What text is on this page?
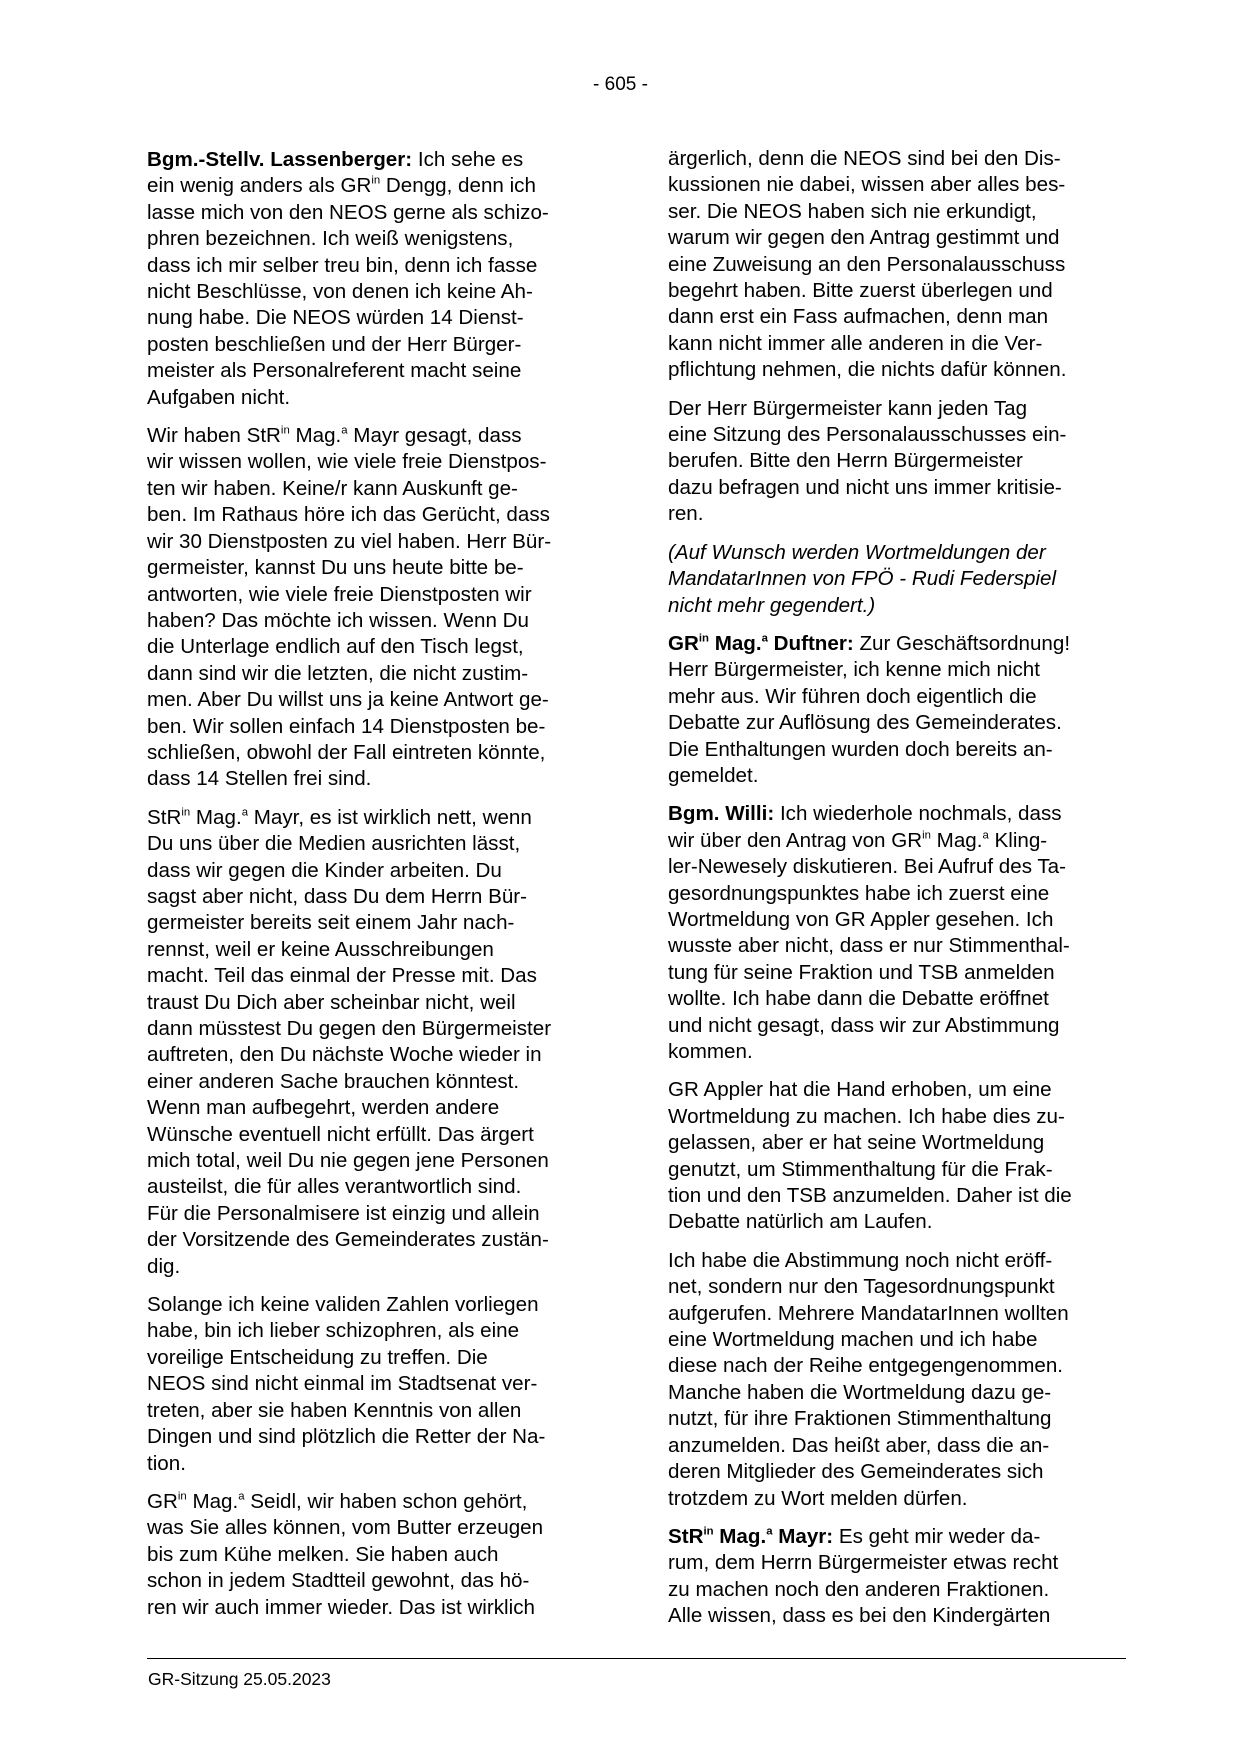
- 605 -

Bgm.-Stellv. Lassenberger: Ich sehe es
ein wenig anders als $GR^{in}$ Dengg, denn ich
lasse mich von den NEOS gerne als schizo-
phren bezeichnen. Ich weiß wenigstens,
dass ich mir selber treu bin, denn ich fasse
nicht Beschlüsse, von denen ich keine Ah-
nung habe. Die NEOS würden 14 Dienst-
posten beschließen und der Herr Bürger-
meister als Personalreferent macht seine
Aufgaben nicht.

Wir haben StR$^{in}$ Mag.$^a$ Mayr gesagt, dass
wir wissen wollen, wie viele freie Dienstpos-
ten wir haben. Keine/r kann Auskunft ge-
ben. Im Rathaus höre ich das Gerücht, dass
wir 30 Dienstposten zu viel haben. Herr Bür-
germeister, kannst Du uns heute bitte be-
antworten, wie viele freie Dienstposten wir
haben? Das möchte ich wissen. Wenn Du
die Unterlage endlich auf den Tisch legst,
dann sind wir die letzten, die nicht zustim-
men. Aber Du willst uns ja keine Antwort ge-
ben. Wir sollen einfach 14 Dienstposten be-
schließen, obwohl der Fall eintreten könnte,
dass 14 Stellen frei sind.

StR$^{in}$ Mag.$^a$ Mayr, es ist wirklich nett, wenn
Du uns über die Medien ausrichten lässt,
dass wir gegen die Kinder arbeiten. Du
sagst aber nicht, dass Du dem Herrn Bür-
germeister bereits seit einem Jahr nach-
rennst, weil er keine Ausschreibungen
macht. Teil das einmal der Presse mit. Das
traust Du Dich aber scheinbar nicht, weil
dann müsstest Du gegen den Bürgermeister
auftreten, den Du nächste Woche wieder in
einer anderen Sache brauchen könntest.
Wenn man aufbegehrt, werden andere
Wünsche eventuell nicht erfüllt. Das ärgert
mich total, weil Du nie gegen jene Personen
austeilst, die für alles verantwortlich sind.
Für die Personalmisere ist einzig und allein
der Vorsitzende des Gemeinderates zustän-
dig.

Solange ich keine validen Zahlen vorliegen
habe, bin ich lieber schizophren, als eine
voreilige Entscheidung zu treffen. Die
NEOS sind nicht einmal im Stadtsenat ver-
treten, aber sie haben Kenntnis von allen
Dingen und sind plötzlich die Retter der Na-
tion.

$GR^{in}$ Mag.$^a$ Seidl, wir haben schon gehört,
was Sie alles können, vom Butter erzeugen
bis zum Kühe melken. Sie haben auch
schon in jedem Stadtteil gewohnt, das hö-
ren wir auch immer wieder. Das ist wirklich

ärgerlich, denn die NEOS sind bei den Dis-
kussionen nie dabei, wissen aber alles bes-
ser. Die NEOS haben sich nie erkundigt,
warum wir gegen den Antrag gestimmt und
eine Zuweisung an den Personalausschuss
begehrt haben. Bitte zuerst überlegen und
dann erst ein Fass aufmachen, denn man
kann nicht immer alle anderen in die Ver-
pflichtung nehmen, die nichts dafür können.

Der Herr Bürgermeister kann jeden Tag
eine Sitzung des Personalausschusses ein-
berufen. Bitte den Herrn Bürgermeister
dazu befragen und nicht uns immer kritisie-
ren.

(Auf Wunsch werden Wortmeldungen der
MandatarInnen von FPÖ - Rudi Federspiel
nicht mehr gegendert.)

$GR^{in}$ Mag.$^a$ Duftner: Zur Geschäftsordnung!
Herr Bürgermeister, ich kenne mich nicht
mehr aus. Wir führen doch eigentlich die
Debatte zur Auflösung des Gemeinderates.
Die Enthaltungen wurden doch bereits an-
gemeldet.

Bgm. Willi: Ich wiederhole nochmals, dass
wir über den Antrag von $GR^{in}$ Mag.$^a$ Kling-
ler-Newesely diskutieren. Bei Aufruf des Ta-
gesordnungspunktes habe ich zuerst eine
Wortmeldung von GR Appler gesehen. Ich
wusste aber nicht, dass er nur Stimmenthal-
tung für seine Fraktion und TSB anmelden
wollte. Ich habe dann die Debatte eröffnet
und nicht gesagt, dass wir zur Abstimmung
kommen.

GR Appler hat die Hand erhoben, um eine
Wortmeldung zu machen. Ich habe dies zu-
gelassen, aber er hat seine Wortmeldung
genutzt, um Stimmenthaltung für die Frak-
tion und den TSB anzumelden. Daher ist die
Debatte natürlich am Laufen.

Ich habe die Abstimmung noch nicht eröff-
net, sondern nur den Tagesordnungspunkt
aufgerufen. Mehrere MandatarInnen wollten
eine Wortmeldung machen und ich habe
diese nach der Reihe entgegengenommen.
Manche haben die Wortmeldung dazu ge-
nutzt, für ihre Fraktionen Stimmenthaltung
anzumelden. Das heißt aber, dass die an-
deren Mitglieder des Gemeinderates sich
trotzdem zu Wort melden dürfen.

StR$^{in}$ Mag.$^a$ Mayr: Es geht mir weder da-
rum, dem Herrn Bürgermeister etwas recht
zu machen noch den anderen Fraktionen.
Alle wissen, dass es bei den Kindergärten

GR-Sitzung 25.05.2023
